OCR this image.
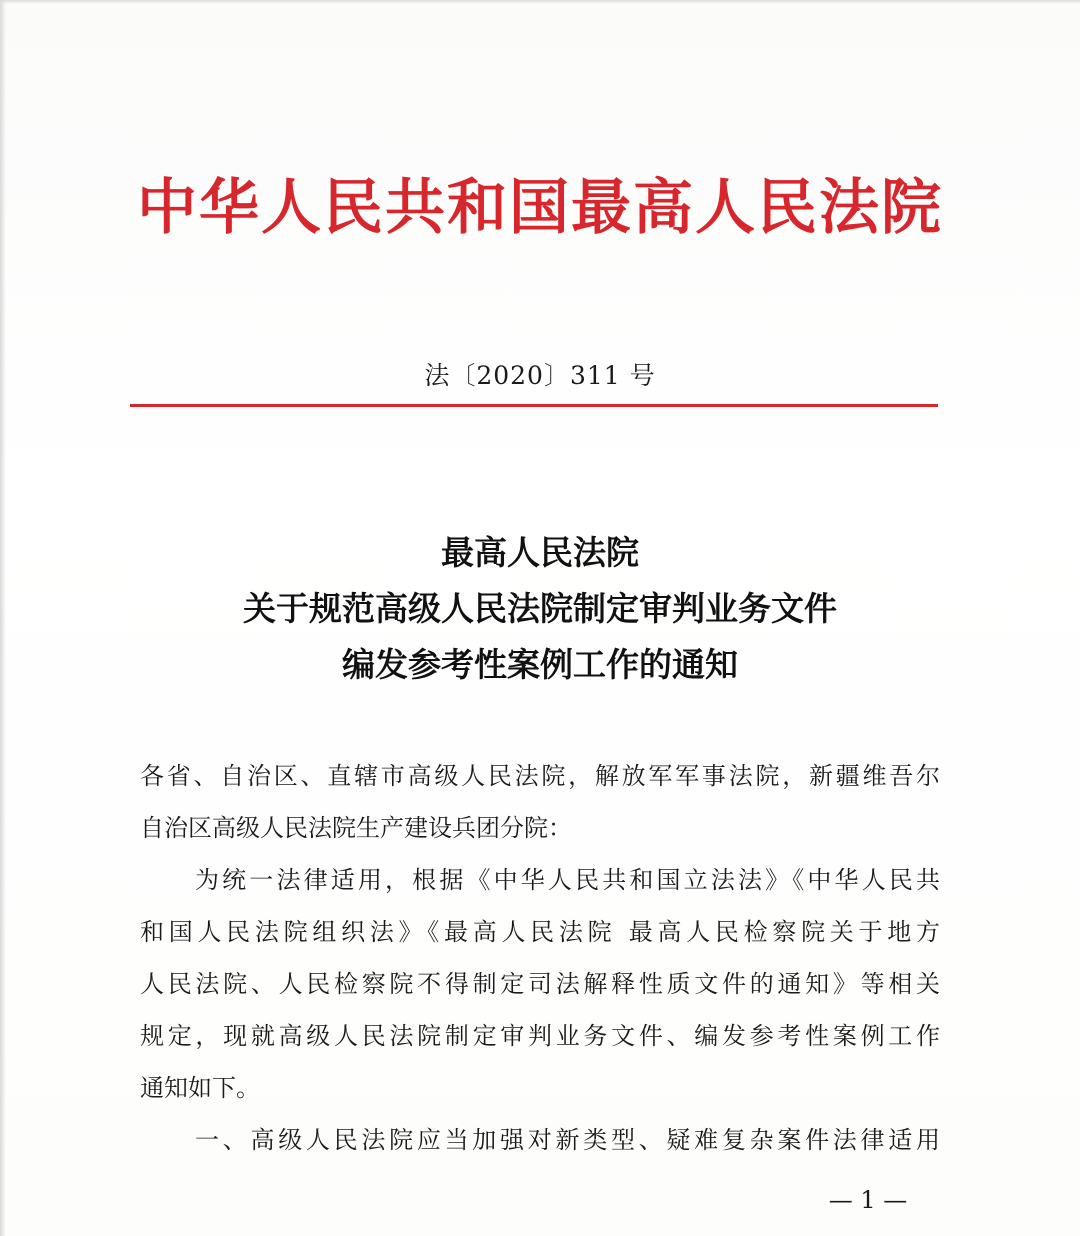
中华人民共和国最高人民法院
法〔2020〕311 号
最高人民法院
关于规范高级人民法院制定审判业务文件
编发参考性案例工作的通知
各省、自治区、直辖市高级人民法院，解放军军事法院，新疆维吾尔
自治区高级人民法院生产建设兵团分院：
为统一法律适用，根据《中华人民共和国立法法》《中华人民共
和国人民法院组织法》《最高人民法院 最高人民检察院关于地方
人民法院、人民检察院不得制定司法解释性质文件的通知》等相关
规定，现就高级人民法院制定审判业务文件、编发参考性案例工作
通知如下。
一、高级人民法院应当加强对新类型、疑难复杂案件法律适用
— 1 —
